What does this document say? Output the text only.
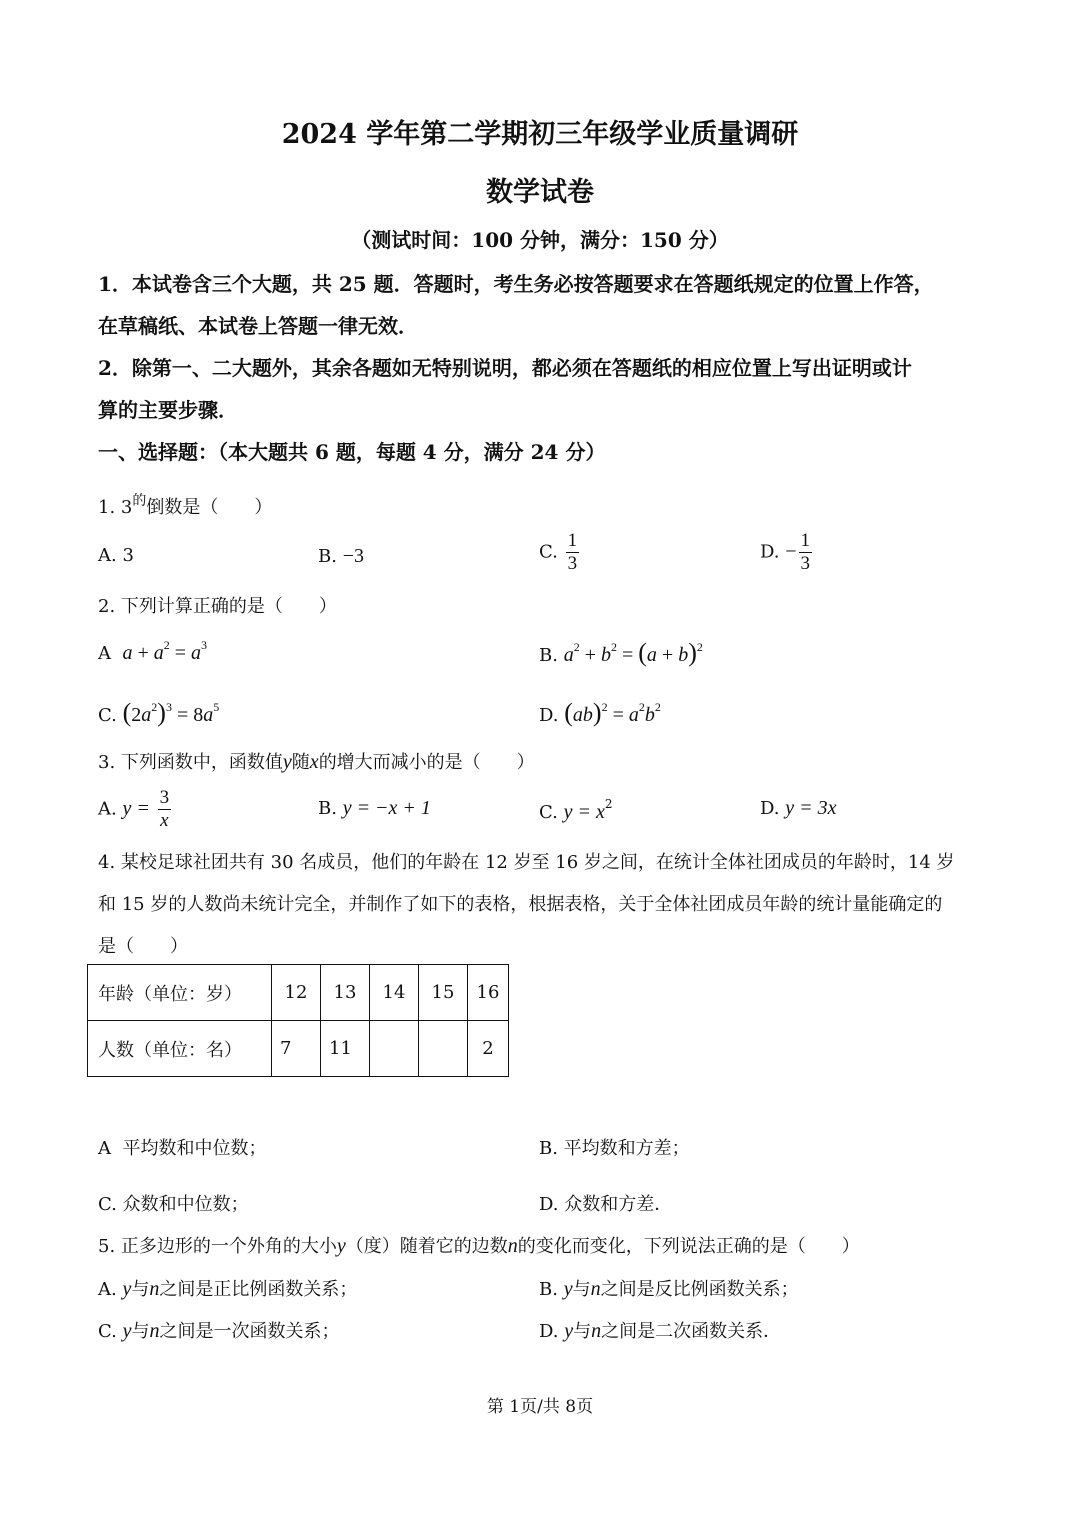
2024 学年第二学期初三年级学业质量调研
数学试卷
（测试时间：100 分钟，满分：150 分）
1．本试卷含三个大题，共 25 题．答题时，考生务必按答题要求在答题纸规定的位置上作答，
在草稿纸、本试卷上答题一律无效．
2．除第一、二大题外，其余各题如无特别说明，都必须在答题纸的相应位置上写出证明或计
算的主要步骤．
一、选择题：（本大题共 6 题，每题 4 分，满分 24 分）
1. $3^的$倒数是（　　）
A. 3	B. −3	C. $\frac{1}{3}$	D. − $\frac{1}{3}$
2. 下列计算正确的是（　　）
A $a + a^2 = a^3$	B. $a^2 + b^2 = (a + b)^2$
C. $(2a^2)^3 = 8a^5$	D. $(ab)^2 = a^2b^2$
3. 下列函数中，函数值y随x的增大而减小的是（　　）
A. $y = \frac{3}{x}$	B. y = −x + 1	C. $y = x^2$	D. y = 3x
4. 某校足球社团共有 30 名成员，他们的年龄在 12 岁至 16 岁之间，在统计全体社团成员的年龄时，14 岁
和 15 岁的人数尚未统计完全，并制作了如下的表格，根据表格，关于全体社团成员年龄的统计量能确定的
是（　　）
年龄（单位：岁）	12	13	14	15	16
人数（单位：名）	7	11			2
A 平均数和中位数；	B. 平均数和方差；
C. 众数和中位数；	D. 众数和方差．
5. 正多边形的一个外角的大小y（度）随着它的边数n的变化而变化，下列说法正确的是（　　）
A. y与n之间是正比例函数关系；	B. y与n之间是反比例函数关系；
C. y与n之间是一次函数关系；	D. y与n之间是二次函数关系．
第 1页/共 8页
